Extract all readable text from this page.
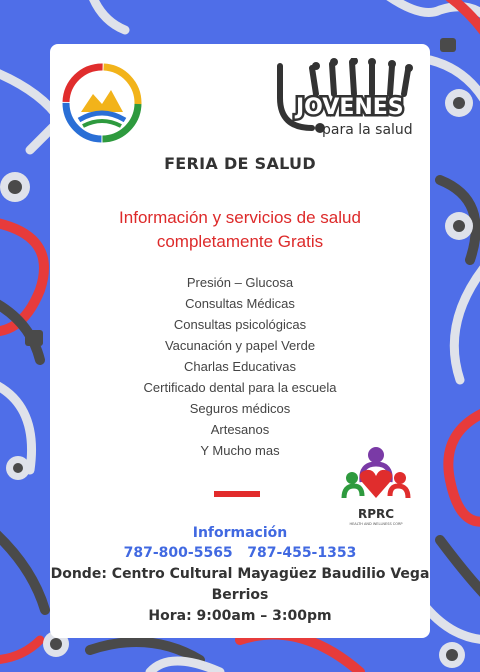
JOVENES
para la salud
FERIA DE SALUD
Información y servicios de salud completamente Gratis
Presión – Glucosa
Consultas Médicas
Consultas psicológicas
Vacunación y papel Verde
Charlas Educativas
Certificado dental para la escuela
Seguros médicos
Artesanos
Y Mucho mas
RPRC
HEALTH AND WELLNESS CORP
Información
787-800-5565   787-455-1353
Donde: Centro Cultural Mayagüez Baudilio Vega Berrios
Hora: 9:00am – 3:00pm
